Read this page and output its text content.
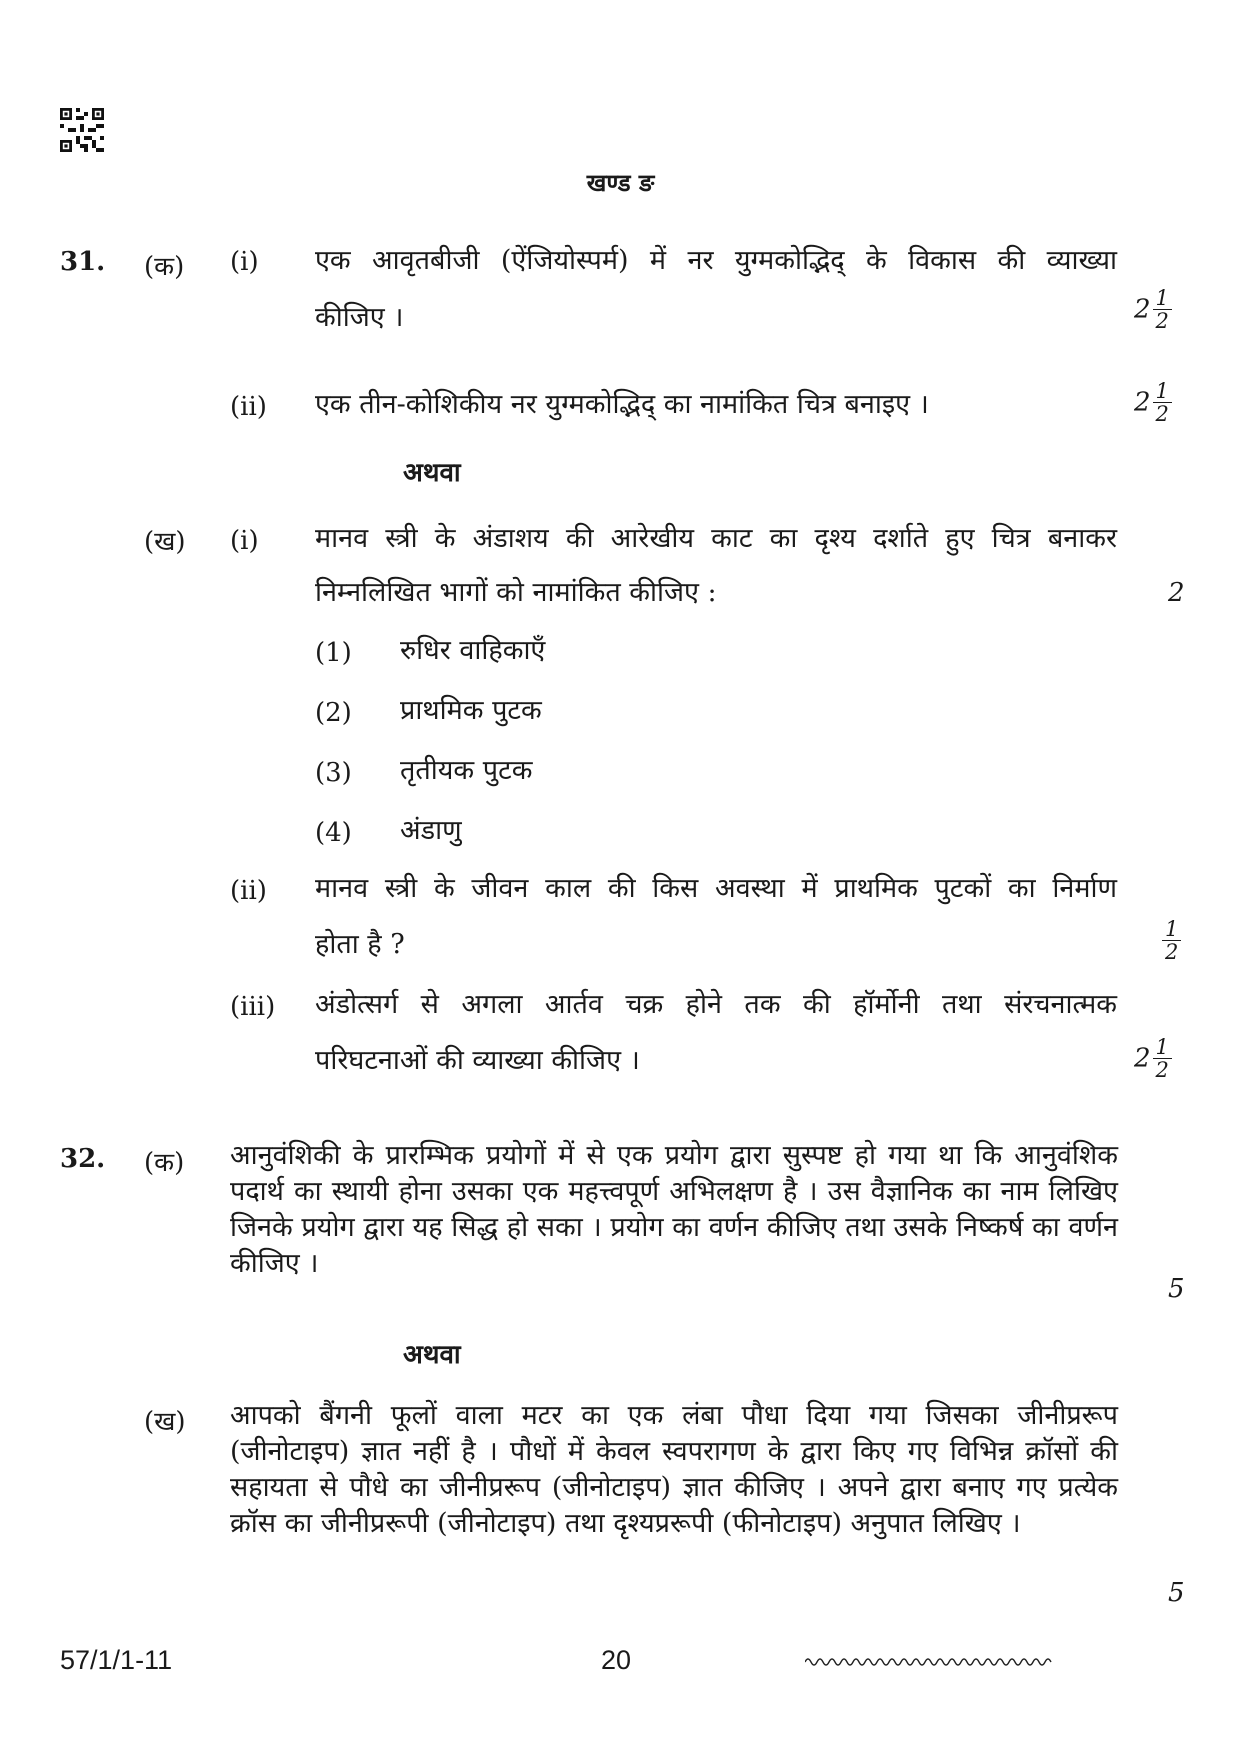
खण्ड ङ
31. (क) (i) एक आवृतबीजी (ऐंजियोस्पर्म) में नर युग्मकोद्भिद् के विकास की व्याख्या
कीजिए ।	$2 \frac{1}{2}$
(ii) एक तीन-कोशिकीय नर युग्मकोद्भिद् का नामांकित चित्र बनाइए ।	$2 \frac{1}{2}$
अथवा
(ख) (i) मानव स्त्री के अंडाशय की आरेखीय काट का दृश्य दर्शाते हुए चित्र बनाकर
निम्नलिखित भागों को नामांकित कीजिए :	2
(1) रुधिर वाहिकाएँ
(2) प्राथमिक पुटक
(3) तृतीयक पुटक
(4) अंडाणु
(ii) मानव स्त्री के जीवन काल की किस अवस्था में प्राथमिक पुटकों का निर्माण
होता है ?	$\frac{1}{2}$
(iii) अंडोत्सर्ग से अगला आर्तव चक्र होने तक की हॉर्मोनी तथा संरचनात्मक
परिघटनाओं की व्याख्या कीजिए ।	$2 \frac{1}{2}$
32. (क) आनुवंशिकी के प्रारम्भिक प्रयोगों में से एक प्रयोग द्वारा सुस्पष्ट हो गया था कि आनुवंशिक पदार्थ का स्थायी होना उसका एक महत्त्वपूर्ण अभिलक्षण है । उस वैज्ञानिक का नाम लिखिए जिनके प्रयोग द्वारा यह सिद्ध हो सका । प्रयोग का वर्णन कीजिए तथा उसके निष्कर्ष का वर्णन कीजिए ।
5
अथवा
(ख) आपको बैंगनी फूलों वाला मटर का एक लंबा पौधा दिया गया जिसका जीनीप्ररूप (जीनोटाइप) ज्ञात नहीं है । पौधों में केवल स्वपरागण के द्वारा किए गए विभिन्न क्रॉसों की सहायता से पौधे का जीनीप्ररूप (जीनोटाइप) ज्ञात कीजिए । अपने द्वारा बनाए गए प्रत्येक क्रॉस का जीनीप्ररूपी (जीनोटाइप) तथा दृश्यप्ररूपी (फीनोटाइप) अनुपात लिखिए ।
5
57/1/1-11	20
